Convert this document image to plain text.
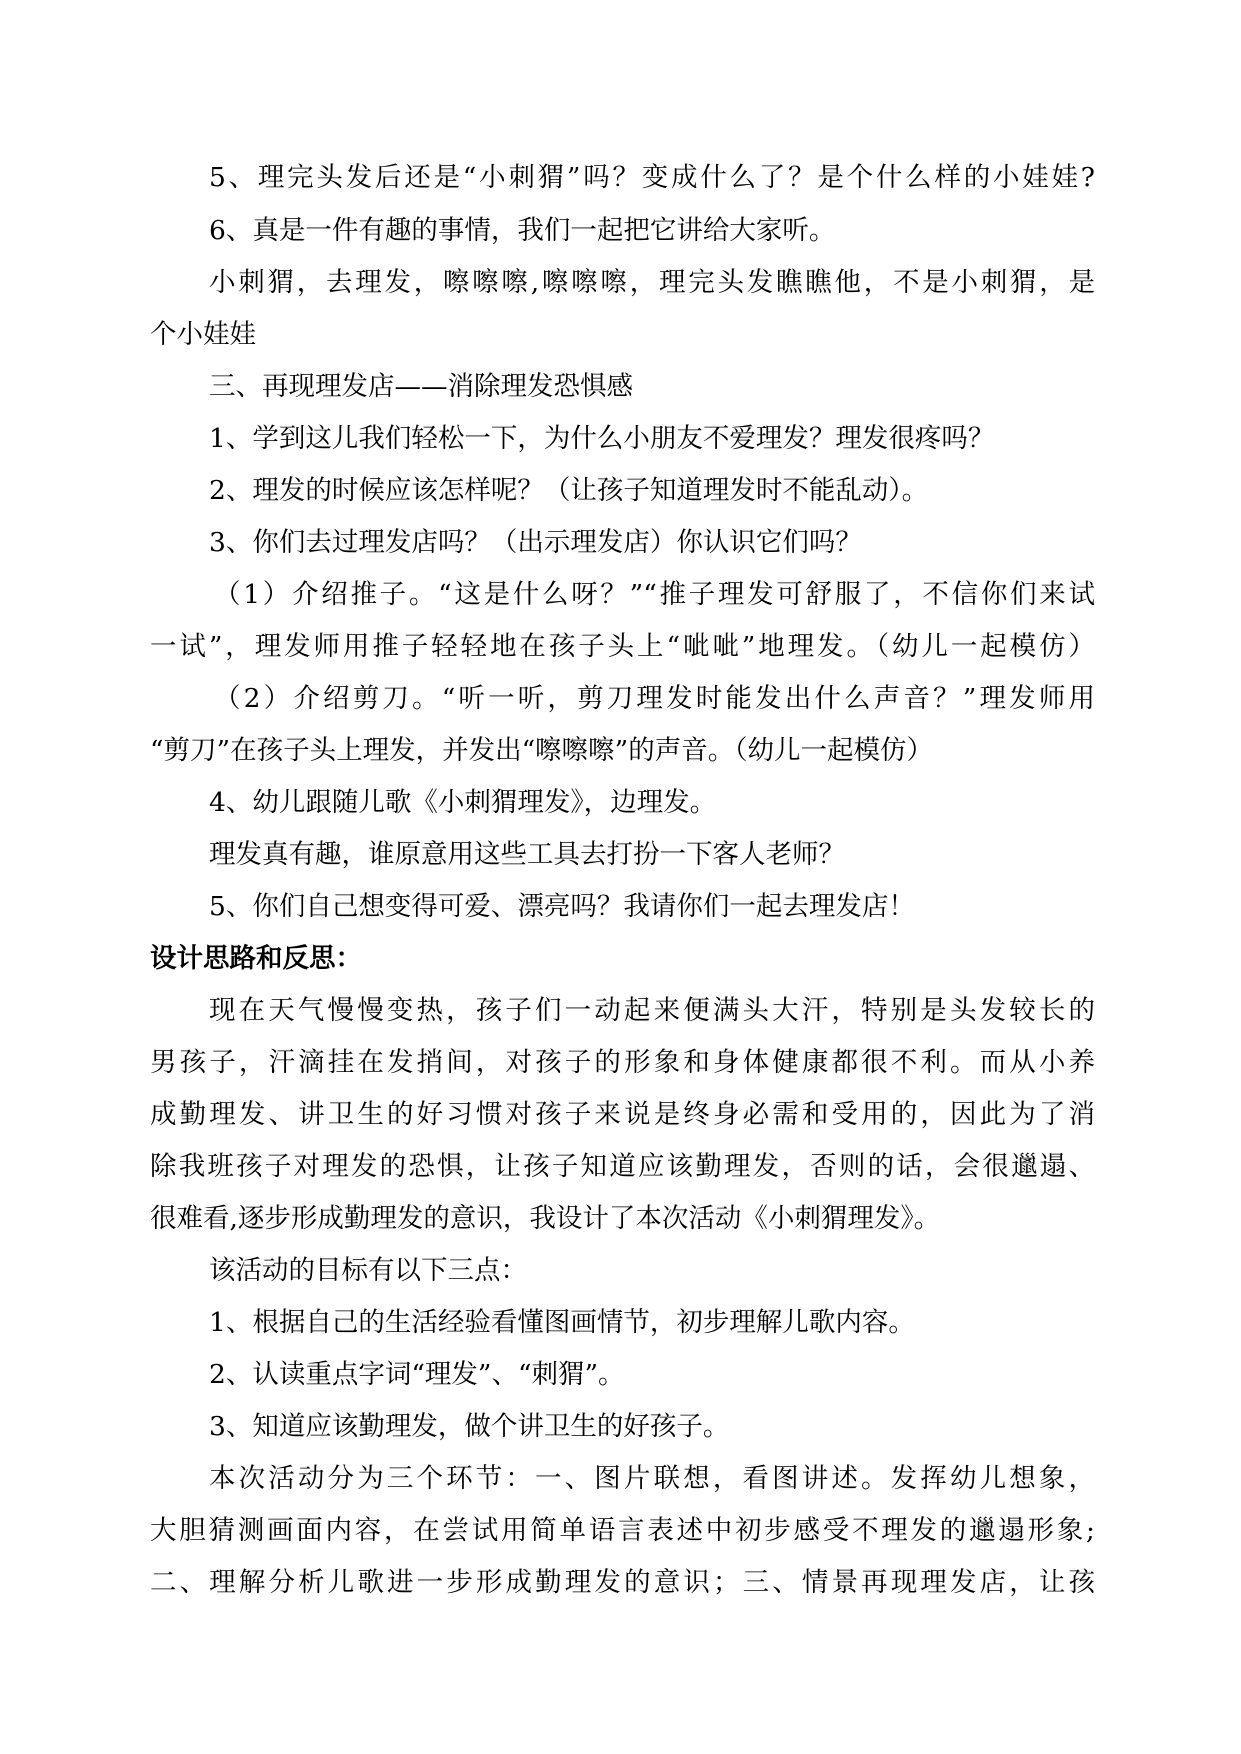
5、理完头发后还是“小刺猬”吗？变成什么了？是个什么样的小娃娃?
6、真是一件有趣的事情，我们一起把它讲给大家听。
小刺猬，去理发，嚓嚓嚓,嚓嚓嚓，理完头发瞧瞧他，不是小刺猬，是
个小娃娃
三、再现理发店——消除理发恐惧感
1、学到这儿我们轻松一下，为什么小朋友不爱理发？理发很疼吗？
2、理发的时候应该怎样呢？（让孩子知道理发时不能乱动）。
3、你们去过理发店吗？（出示理发店）你认识它们吗？
（1）介绍推子。“这是什么呀？”“推子理发可舒服了，不信你们来试
一试”，理发师用推子轻轻地在孩子头上“呲呲”地理发。（幼儿一起模仿）
（2）介绍剪刀。“听一听，剪刀理发时能发出什么声音？”理发师用
“剪刀”在孩子头上理发，并发出“嚓嚓嚓”的声音。（幼儿一起模仿）
4、幼儿跟随儿歌《小刺猬理发》，边理发。
理发真有趣，谁原意用这些工具去打扮一下客人老师？
5、你们自己想变得可爱、漂亮吗？我请你们一起去理发店！
设计思路和反思：
现在天气慢慢变热，孩子们一动起来便满头大汗，特别是头发较长的
男孩子，汗滴挂在发捎间，对孩子的形象和身体健康都很不利。而从小养
成勤理发、讲卫生的好习惯对孩子来说是终身必需和受用的，因此为了消
除我班孩子对理发的恐惧，让孩子知道应该勤理发，否则的话，会很邋遢、
很难看,逐步形成勤理发的意识，我设计了本次活动《小刺猬理发》。
该活动的目标有以下三点：
1、根据自己的生活经验看懂图画情节，初步理解儿歌内容。
2、认读重点字词“理发”、“刺猬”。
3、知道应该勤理发，做个讲卫生的好孩子。
本次活动分为三个环节：一、图片联想，看图讲述。发挥幼儿想象，
大胆猜测画面内容，在尝试用简单语言表述中初步感受不理发的邋遢形象;
二、理解分析儿歌进一步形成勤理发的意识；三、情景再现理发店，让孩
